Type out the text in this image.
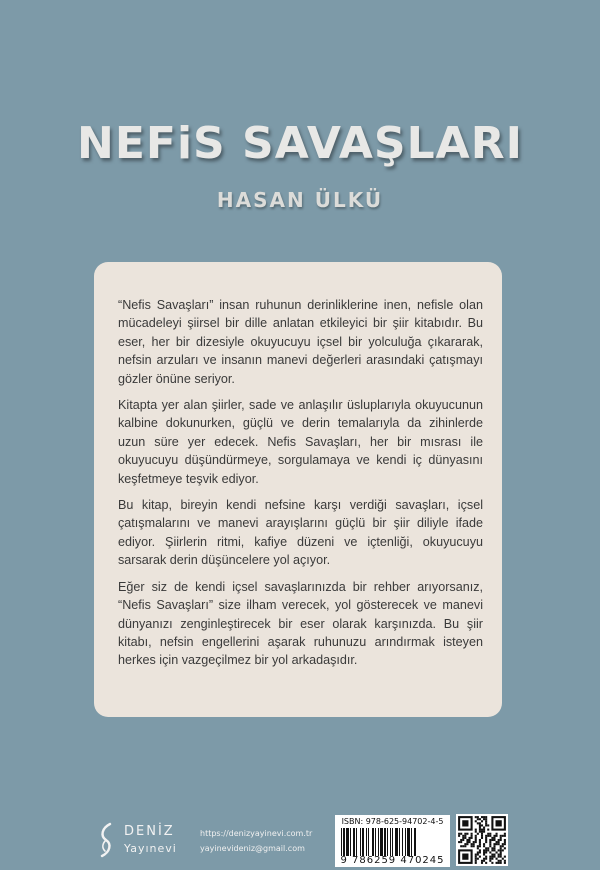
NEFiS SAVAŞLARI
HASAN ÜLKÜ

“Nefis Savaşları” insan ruhunun derinliklerine inen, nefisle olan mücadeleyi şiirsel bir dille anlatan etkileyici bir şiir kitabıdır. Bu eser, her bir dizesiyle okuyucuyu içsel bir yolculuğa çıkararak, nefsin arzuları ve insanın manevi değerleri arasındaki çatışmayı gözler önüne seriyor.

Kitapta yer alan şiirler, sade ve anlaşılır üsluplarıyla okuyucunun kalbine dokunurken, güçlü ve derin temalarıyla da zihinlerde uzun süre yer edecek. Nefis Savaşları, her bir mısrası ile okuyucuyu düşündürmeye, sorgulamaya ve kendi iç dünyasını keşfetmeye teşvik ediyor.

Bu kitap, bireyin kendi nefsine karşı verdiği savaşları, içsel çatışmalarını ve manevi arayışlarını güçlü bir şiir diliyle ifade ediyor. Şiirlerin ritmi, kafiye düzeni ve içtenliği, okuyucuyu sarsarak derin düşüncelere yol açıyor.

Eğer siz de kendi içsel savaşlarınızda bir rehber arıyorsanız, “Nefis Savaşları” size ilham verecek, yol gösterecek ve manevi dünyanızı zenginleştirecek bir eser olarak karşınızda. Bu şiir kitabı, nefsin engellerini aşarak ruhunuzu arındırmak isteyen herkes için vazgeçilmez bir yol arkadaşıdır.

DENİZ
Yayınevi
https://denizyayinevi.com.tr
yayinevideniz@gmail.com
ISBN: 978-625-94702-4-5
9 786259 470245
